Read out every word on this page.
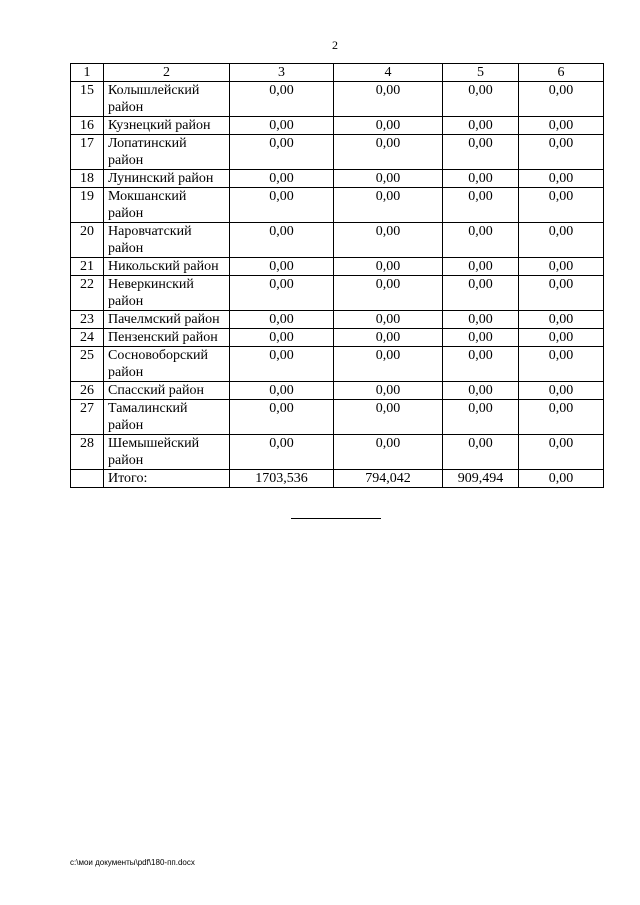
2
1	2	3	4	5	6
15	Колышлейский район	0,00	0,00	0,00	0,00
16	Кузнецкий район	0,00	0,00	0,00	0,00
17	Лопатинский район	0,00	0,00	0,00	0,00
18	Лунинский район	0,00	0,00	0,00	0,00
19	Мокшанский район	0,00	0,00	0,00	0,00
20	Наровчатский район	0,00	0,00	0,00	0,00
21	Никольский район	0,00	0,00	0,00	0,00
22	Неверкинский район	0,00	0,00	0,00	0,00
23	Пачелмский район	0,00	0,00	0,00	0,00
24	Пензенский район	0,00	0,00	0,00	0,00
25	Сосновоборский район	0,00	0,00	0,00	0,00
26	Спасский район	0,00	0,00	0,00	0,00
27	Тамалинский район	0,00	0,00	0,00	0,00
28	Шемышейский район	0,00	0,00	0,00	0,00
	Итого:	1703,536	794,042	909,494	0,00
c:\мои документы\pdf\180-пп.docx
